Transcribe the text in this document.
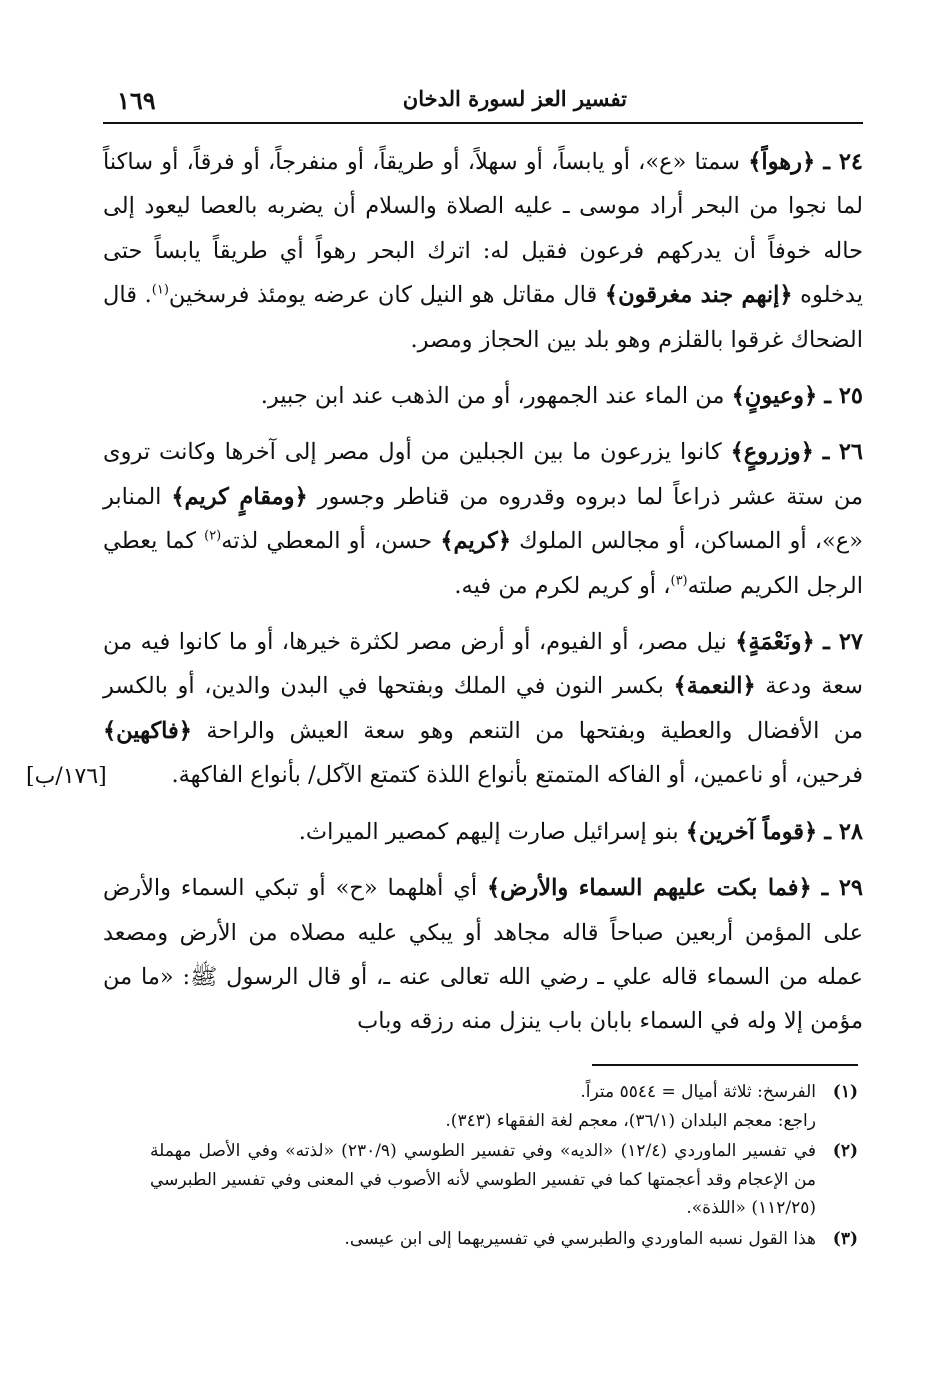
١٦٩	تفسير العز لسورة الدخان

٢٤ ـ ﴿رهواً﴾ سمتا «ع»، أو يابساً، أو سهلاً، أو طريقاً، أو منفرجاً، أو فرقاً، أو ساكناً لما نجوا من البحر أراد موسى ـ عليه الصلاة والسلام أن يضربه بالعصا ليعود إلى حاله خوفاً أن يدركهم فرعون فقيل له: اترك البحر رهواً أي طريقاً يابساً حتى يدخلوه ﴿إنهم جند مغرقون﴾ قال مقاتل هو النيل كان عرضه يومئذ فرسخين$^{(١)}$. قال الضحاك غرقوا بالقلزم وهو بلد بين الحجاز ومصر.

٢٥ ـ ﴿وعيونٍ﴾ من الماء عند الجمهور، أو من الذهب عند ابن جبير.

٢٦ ـ ﴿وزروعٍ﴾ كانوا يزرعون ما بين الجبلين من أول مصر إلى آخرها وكانت تروى من ستة عشر ذراعاً لما دبروه وقدروه من قناطر وجسور ﴿ومقامٍ كريم﴾ المنابر «ع»، أو المساكن، أو مجالس الملوك ﴿كريم﴾ حسن، أو المعطي لذته$^{(٢)}$ كما يعطي الرجل الكريم صلته$^{(٣)}$، أو كريم لكرم من فيه.

٢٧ ـ ﴿ونَعْمَةٍ﴾ نيل مصر، أو الفيوم، أو أرض مصر لكثرة خيرها، أو ما كانوا فيه من سعة ودعة ﴿النعمة﴾ بكسر النون في الملك وبفتحها في البدن والدين، أو بالكسر من الأفضال والعطية وبفتحها من التنعم وهو سعة العيش والراحة ﴿فاكهين﴾ فرحين، أو ناعمين، أو الفاكه المتمتع بأنواع اللذة كتمتع الآكل/ بأنواع الفاكهة.

٢٨ ـ ﴿قوماً آخرين﴾ بنو إسرائيل صارت إليهم كمصير الميراث.

٢٩ ـ ﴿فما بكت عليهم السماء والأرض﴾ أي أهلهما «ح» أو تبكي السماء والأرض على المؤمن أربعين صباحاً قاله مجاهد أو يبكي عليه مصلاه من الأرض ومصعد عمله من السماء قاله علي ـ رضي الله تعالى عنه ـ، أو قال الرسول ﷺ: «ما من مؤمن إلا وله في السماء بابان باب ينزل منه رزقه وباب

[١٧٦/ب]
(١)
الفرسخ: ثلاثة أميال = ٥٥٤٤ متراً.
راجع: معجم البلدان (٣٦/١)، معجم لغة الفقهاء (٣٤٣).
(٢)
في تفسير الماوردي (١٢/٤) «الديه» وفي تفسير الطوسي (٢٣٠/٩) «لذته» وفي الأصل مهملة من الإعجام وقد أعجمتها كما في تفسير الطوسي لأنه الأصوب في المعنى وفي تفسير الطبرسي (١١٢/٢٥) «اللذة».
(٣)
هذا القول نسبه الماوردي والطبرسي في تفسيريهما إلى ابن عيسى.
